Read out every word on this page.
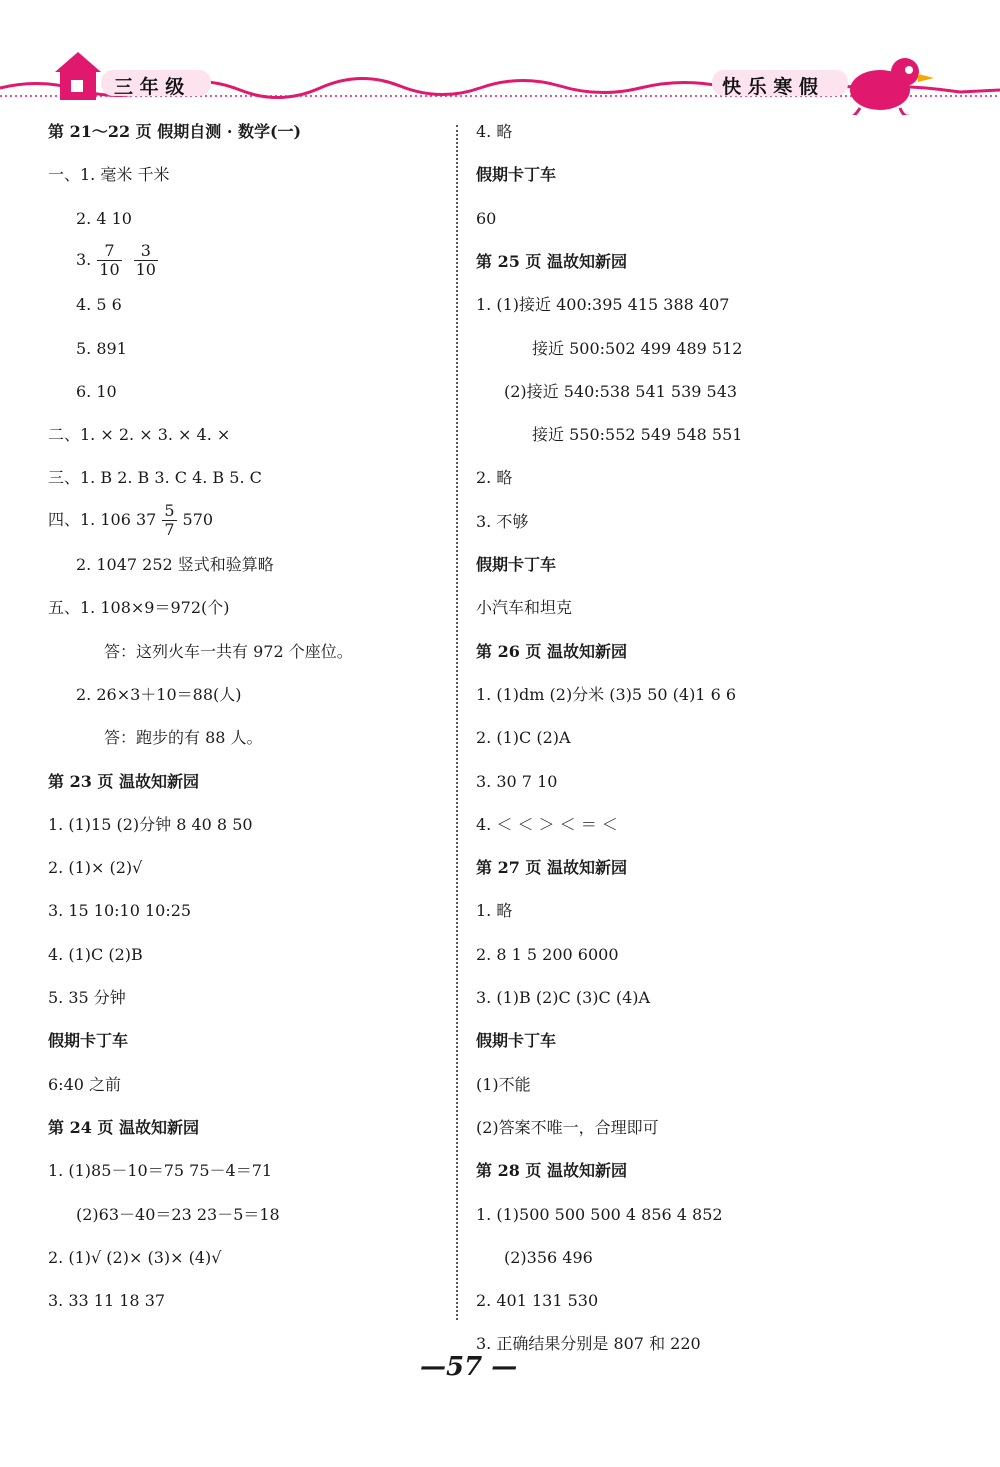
三 年 级	快 乐 寒 假
第 21～22 页 假期自测 · 数学(一)
一、1. 毫米 千米
2. 4 10
3. $\frac{7}{10} \frac{3}{10}$
4. 5 6
5. 891
6. 10
二、1. × 2. × 3. × 4. ×
三、1. B 2. B 3. C 4. B 5. C
四、1. 106 $37 \frac{5}{7} 570$
2. 1047 252 竖式和验算略
五、1. 108×9＝972(个)
答：这列火车一共有 972 个座位。
2. 26×3＋10＝88(人)
答：跑步的有 88 人。
第 23 页 温故知新园
1. (1)15 (2)分钟 8 40 8 50
2. (1)× (2)√
3. 15 10:10 10:25
4. (1)C (2)B
5. 35 分钟
假期卡丁车
6:40 之前
第 24 页 温故知新园
1. (1)85－10＝75 75－4＝71
(2)63－40＝23 23－5＝18
2. (1)√ (2)× (3)× (4)√
3. 33 11 18 37
4. 略
假期卡丁车
60
第 25 页 温故知新园
1. (1)接近 400:395 415 388 407
接近 500:502 499 489 512
(2)接近 540:538 541 539 543
接近 550:552 549 548 551
2. 略
3. 不够
假期卡丁车
小汽车和坦克
第 26 页 温故知新园
1. (1)dm (2)分米 (3)5 50 (4)1 6 6
2. (1)C (2)A
3. 30 7 10
4. ＜ ＜ ＞ ＜ ＝ ＜
第 27 页 温故知新园
1. 略
2. 8 1 5 200 6000
3. (1)B (2)C (3)C (4)A
假期卡丁车
(1)不能
(2)答案不唯一，合理即可
第 28 页 温故知新园
1. (1)500 500 500 4 856 4 852
(2)356 496
2. 401 131 530
3. 正确结果分别是 807 和 220
—57 —
